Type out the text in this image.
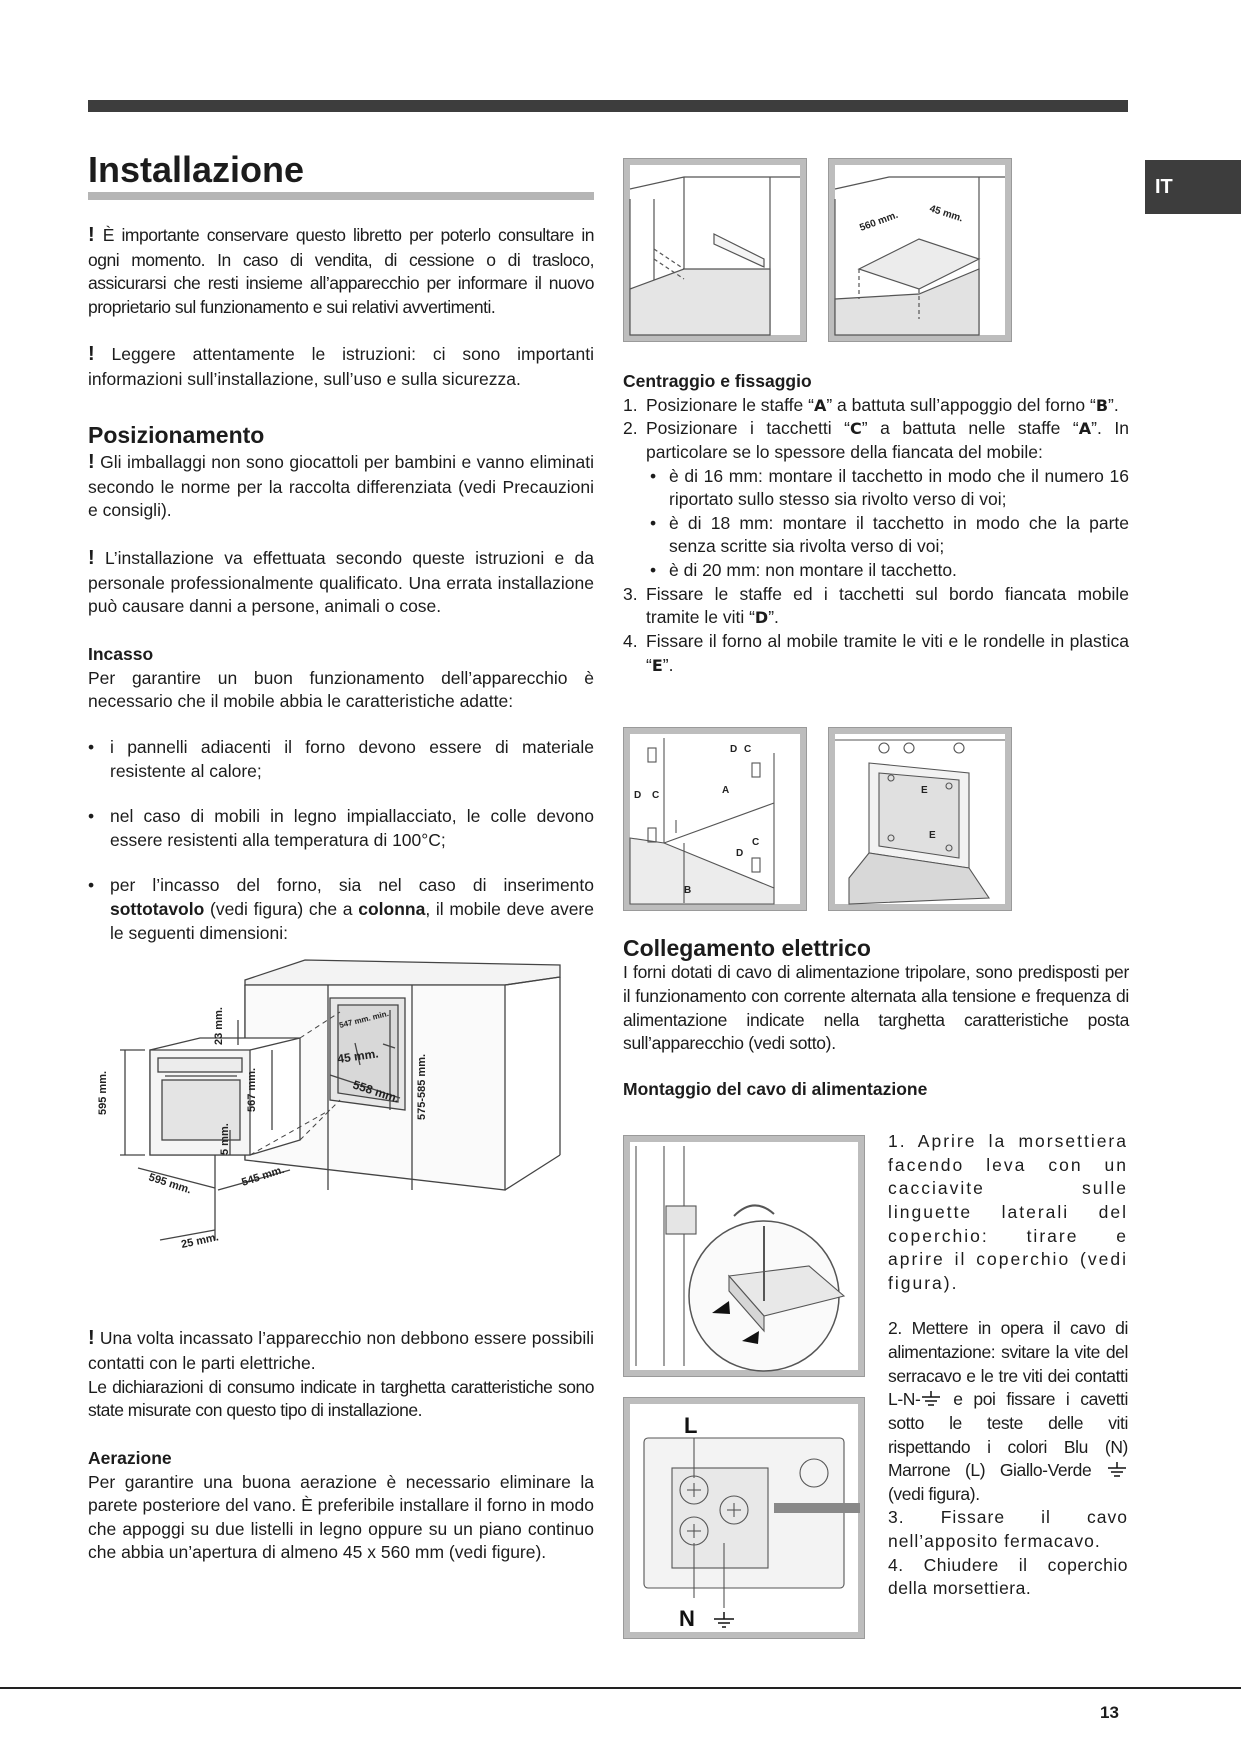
IT
Installazione

! È importante conservare questo libretto per poterlo consultare in ogni momento. In caso di vendita, di cessione o di trasloco, assicurarsi che resti insieme all’apparecchio per informare il nuovo proprietario sul funzionamento e sui relativi avvertimenti.

! Leggere attentamente le istruzioni: ci sono importanti informazioni sull’installazione, sull’uso e sulla sicurezza.

Posizionamento

! Gli imballaggi non sono giocattoli per bambini e vanno eliminati secondo le norme per la raccolta differenziata (vedi Precauzioni e consigli).

! L’installazione va effettuata secondo queste istruzioni e da personale professionalmente qualificato. Una errata installazione può causare danni a persone, animali o cose.

Incasso

Per garantire un buon funzionamento dell’apparecchio è necessario che il mobile abbia le caratteristiche adatte:

• i pannelli adiacenti il forno devono essere di materiale resistente al calore;
• nel caso di mobili in legno impiallacciato, le colle devono essere resistenti alla temperatura di 100°C;
• per l’incasso del forno, sia nel caso di inserimento sottotavolo (vedi figura) che a colonna, il mobile deve avere le seguenti dimensioni:
595 mm.
23 mm.
567 mm.
5 mm.
595 mm.	545 mm.
25 mm.
547 mm. min.
45 mm.
558 mm. 575-585 mm.

! Una volta incassato l’apparecchio non debbono essere possibili contatti con le parti elettriche.

Le dichiarazioni di consumo indicate in targhetta caratteristiche sono state misurate con questo tipo di installazione.

Aerazione

Per garantire una buona aerazione è necessario eliminare la parete posteriore del vano. È preferibile installare il forno in modo che appoggi su due listelli in legno oppure su un piano continuo che abbia un’apertura di almeno 45 x 560 mm (vedi figure).

560 mm.	45 mm.
Centraggio e fissaggio
1. Posizionare le staffe “A” a battuta sull’appoggio del forno “B”.
2. Posizionare i tacchetti “C” a battuta nelle staffe “A”. In particolare se lo spessore della fiancata del mobile:
• è di 16 mm: montare il tacchetto in modo che il numero 16 riportato sullo stesso sia rivolto verso di voi;
• è di 18 mm: montare il tacchetto in modo che la parte senza scritte sia rivolta verso di voi;
• è di 20 mm: non montare il tacchetto.
3. Fissare le staffe ed i tacchetti sul bordo fiancata mobile tramite le viti “D”.
4. Fissare il forno al mobile tramite le viti e le rondelle in plastica “E”.
D C
A
D C
C
D
B
E
E
Collegamento elettrico

I forni dotati di cavo di alimentazione tripolare, sono predisposti per il funzionamento con corrente alternata alla tensione e frequenza di alimentazione indicate nella targhetta caratteristiche posta sull’apparecchio (vedi sotto).

Montaggio del cavo di alimentazione
L
N

1. Aprire la morsettiera facendo leva con un cacciavite sulle linguette laterali del coperchio: tirare e aprire il coperchio (vedi figura).

2. Mettere in opera il cavo di alimentazione: svitare la vite del serracavo e le tre viti dei contatti L-N- e poi fissare i cavetti sotto le teste delle viti rispettando i colori Blu (N) Marrone (L) Giallo-Verde  (vedi figura).

3. Fissare il cavo nell’apposito fermacavo.

4. Chiudere il coperchio della morsettiera.

13
